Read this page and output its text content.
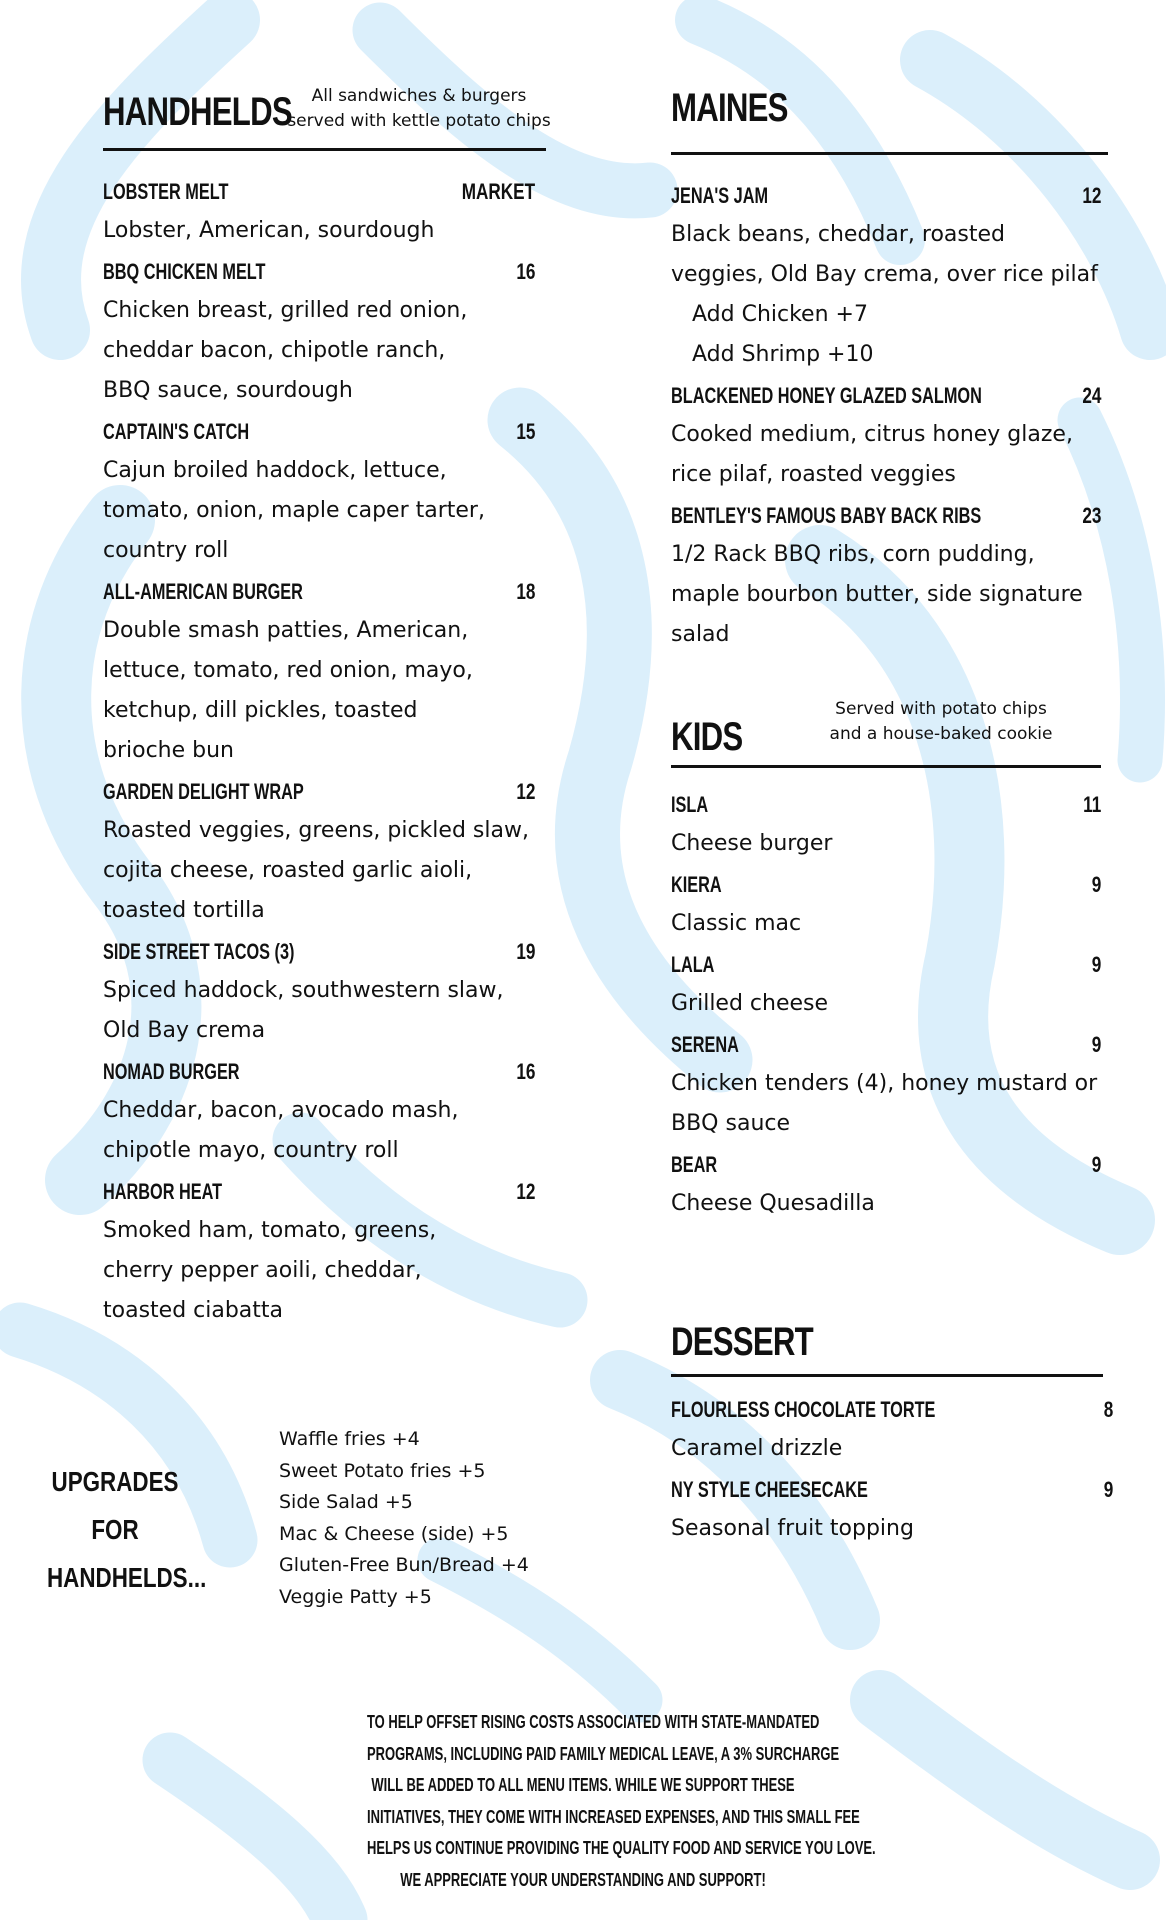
HANDHELDS	All sandwiches & burgers
served with kettle potato chips
LOBSTER MELT	MARKET
Lobster, American, sourdough
BBQ CHICKEN MELT	16
Chicken breast, grilled red onion,
cheddar bacon, chipotle ranch,
BBQ sauce, sourdough
CAPTAIN'S CATCH	15
Cajun broiled haddock, lettuce,
tomato, onion, maple caper tarter,
country roll
ALL-AMERICAN BURGER	18
Double smash patties, American,
lettuce, tomato, red onion, mayo,
ketchup, dill pickles, toasted
brioche bun
GARDEN DELIGHT WRAP	12
Roasted veggies, greens, pickled slaw,
cojita cheese, roasted garlic aioli,
toasted tortilla
SIDE STREET TACOS (3)	19
Spiced haddock, southwestern slaw,
Old Bay crema
NOMAD BURGER	16
Cheddar, bacon, avocado mash,
chipotle mayo, country roll
HARBOR HEAT	12
Smoked ham, tomato, greens,
cherry pepper aoili, cheddar,
toasted ciabatta
MAINES
JENA'S JAM	12
Black beans, cheddar, roasted
veggies, Old Bay crema, over rice pilaf
Add Chicken +7
Add Shrimp +10
BLACKENED HONEY GLAZED SALMON	24
Cooked medium, citrus honey glaze,
rice pilaf, roasted veggies
BENTLEY'S FAMOUS BABY BACK RIBS	23
1/2 Rack BBQ ribs, corn pudding,
maple bourbon butter, side signature
salad
KIDS
Served with potato chips
and a house-baked cookie
ISLA	11
Cheese burger
KIERA	9
Classic mac
LALA	9
Grilled cheese
SERENA	9
Chicken tenders (4), honey mustard or
BBQ sauce
BEAR	9
Cheese Quesadilla
DESSERT
FLOURLESS CHOCOLATE TORTE	8
Caramel drizzle
NY STYLE CHEESECAKE	9
Seasonal fruit topping
UPGRADES FOR
HANDHELDS...
Waffle fries +4
Sweet Potato fries +5
Side Salad +5
Mac & Cheese (side) +5
Gluten-Free Bun/Bread +4
Veggie Patty +5
TO HELP OFFSET RISING COSTS ASSOCIATED WITH STATE-MANDATED
PROGRAMS, INCLUDING PAID FAMILY MEDICAL LEAVE, A 3% SURCHARGE
WILL BE ADDED TO ALL MENU ITEMS. WHILE WE SUPPORT THESE
INITIATIVES, THEY COME WITH INCREASED EXPENSES, AND THIS SMALL FEE
HELPS US CONTINUE PROVIDING THE QUALITY FOOD AND SERVICE YOU LOVE.
WE APPRECIATE YOUR UNDERSTANDING AND SUPPORT!
